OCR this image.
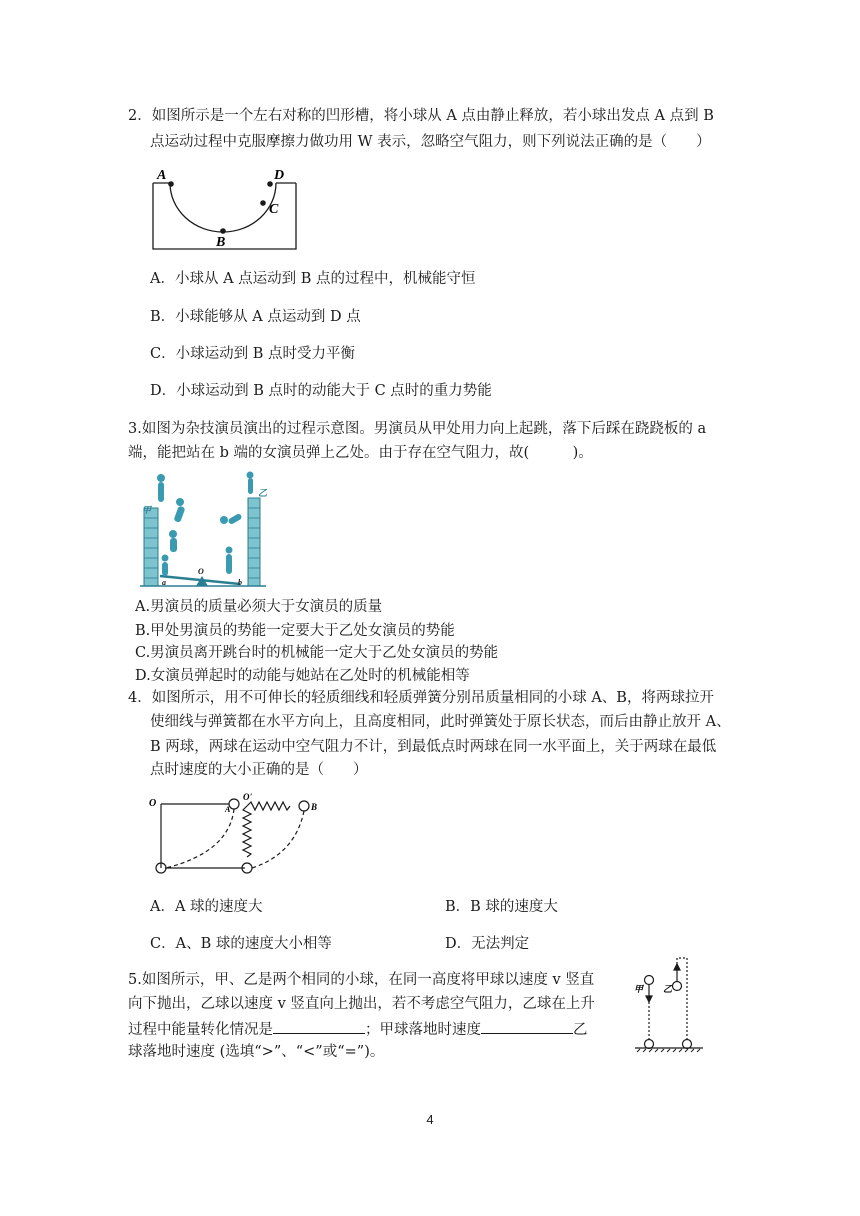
2．如图所示是一个左右对称的凹形槽，将小球从 A 点由静止释放，若小球出发点 A 点到 B
点运动过程中克服摩擦力做功用 W 表示，忽略空气阻力，则下列说法正确的是（　　）
A	D
C
B
A．小球从 A 点运动到 B 点的过程中，机械能守恒
B．小球能够从 A 点运动到 D 点
C．小球运动到 B 点时受力平衡
D．小球运动到 B 点时的动能大于 C 点时的重力势能
3.如图为杂技演员演出的过程示意图。男演员从甲处用力向上起跳，落下后踩在跷跷板的 a
端，能把站在 b 端的女演员弹上乙处。由于存在空气阻力，故(　　　)。
甲
乙
a	b
O
A.男演员的质量必须大于女演员的质量
B.甲处男演员的势能一定要大于乙处女演员的势能
C.男演员离开跳台时的机械能一定大于乙处女演员的势能
D.女演员弹起时的动能与她站在乙处时的机械能相等
4．如图所示，用不可伸长的轻质细线和轻质弹簧分别吊质量相同的小球 A、B，将两球拉开
使细线与弹簧都在水平方向上，且高度相同，此时弹簧处于原长状态，而后由静止放开 A、
B 两球，两球在运动中空气阻力不计，到最低点时两球在同一水平面上，关于两球在最低
点时速度的大小正确的是（　　）
O
O'
A	B
A．A 球的速度大	B．B 球的速度大
C．A、B 球的速度大小相等	D．无法判定
5.如图所示，甲、乙是两个相同的小球，在同一高度将甲球以速度 v 竖直
向下抛出，乙球以速度 v 竖直向上抛出，若不考虑空气阻力，乙球在上升
过程中能量转化情况是	；甲球落地时速度	乙
球落地时速度 (选填“>”、“<”或“=”)。
甲 乙
4
